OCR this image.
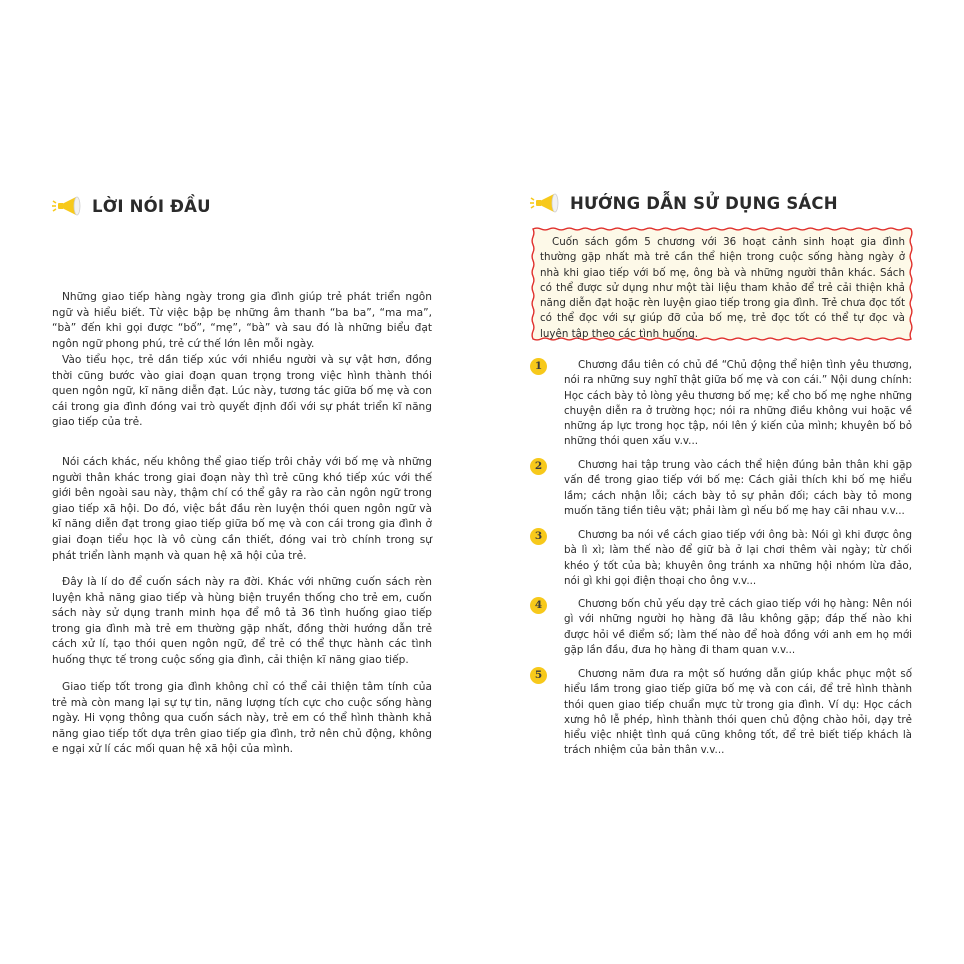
LỜI NÓI ĐẦU

Những giao tiếp hàng ngày trong gia đình giúp trẻ phát triển ngôn ngữ và hiểu biết. Từ việc bập bẹ những âm thanh “ba ba”, “ma ma”, “bà” đến khi gọi được “bố”, “mẹ”, “bà” và sau đó là những biểu đạt ngôn ngữ phong phú, trẻ cứ thế lớn lên mỗi ngày.

Vào tiểu học, trẻ dần tiếp xúc với nhiều người và sự vật hơn, đồng thời cũng bước vào giai đoạn quan trọng trong việc hình thành thói quen ngôn ngữ, kĩ năng diễn đạt. Lúc này, tương tác giữa bố mẹ và con cái trong gia đình đóng vai trò quyết định đối với sự phát triển kĩ năng giao tiếp của trẻ.

Nói cách khác, nếu không thể giao tiếp trôi chảy với bố mẹ và những người thân khác trong giai đoạn này thì trẻ cũng khó tiếp xúc với thế giới bên ngoài sau này, thậm chí có thể gây ra rào cản ngôn ngữ trong giao tiếp xã hội. Do đó, việc bắt đầu rèn luyện thói quen ngôn ngữ và kĩ năng diễn đạt trong giao tiếp giữa bố mẹ và con cái trong gia đình ở giai đoạn tiểu học là vô cùng cần thiết, đóng vai trò chính trong sự phát triển lành mạnh và quan hệ xã hội của trẻ.

Đây là lí do để cuốn sách này ra đời. Khác với những cuốn sách rèn luyện khả năng giao tiếp và hùng biện truyền thống cho trẻ em, cuốn sách này sử dụng tranh minh họa để mô tả 36 tình huống giao tiếp trong gia đình mà trẻ em thường gặp nhất, đồng thời hướng dẫn trẻ cách xử lí, tạo thói quen ngôn ngữ, để trẻ có thể thực hành các tình huống thực tế trong cuộc sống gia đình, cải thiện kĩ năng giao tiếp.

Giao tiếp tốt trong gia đình không chỉ có thể cải thiện tâm tính của trẻ mà còn mang lại sự tự tin, năng lượng tích cực cho cuộc sống hàng ngày. Hi vọng thông qua cuốn sách này, trẻ em có thể hình thành khả năng giao tiếp tốt dựa trên giao tiếp gia đình, trở nên chủ động, không e ngại xử lí các mối quan hệ xã hội của mình.

HƯỚNG DẪN SỬ DỤNG SÁCH

Cuốn sách gồm 5 chương với 36 hoạt cảnh sinh hoạt gia đình thường gặp nhất mà trẻ cần thể hiện trong cuộc sống hàng ngày ở nhà khi giao tiếp với bố mẹ, ông bà và những người thân khác. Sách có thể được sử dụng như một tài liệu tham khảo để trẻ cải thiện khả năng diễn đạt hoặc rèn luyện giao tiếp trong gia đình. Trẻ chưa đọc tốt có thể đọc với sự giúp đỡ của bố mẹ, trẻ đọc tốt có thể tự đọc và luyện tập theo các tình huống.

1	Chương đầu tiên có chủ đề “Chủ động thể hiện tình yêu thương, nói ra những suy nghĩ thật giữa bố mẹ và con cái.” Nội dung chính: Học cách bày tỏ lòng yêu thương bố mẹ; kể cho bố mẹ nghe những chuyện diễn ra ở trường học; nói ra những điều không vui hoặc về những áp lực trong học tập, nói lên ý kiến của mình; khuyên bố bỏ những thói quen xấu v.v...

2	Chương hai tập trung vào cách thể hiện đúng bản thân khi gặp vấn đề trong giao tiếp với bố mẹ: Cách giải thích khi bố mẹ hiểu lầm; cách nhận lỗi; cách bày tỏ sự phản đối; cách bày tỏ mong muốn tăng tiền tiêu vặt; phải làm gì nếu bố mẹ hay cãi nhau v.v...

3	Chương ba nói về cách giao tiếp với ông bà: Nói gì khi được ông bà lì xì; làm thế nào để giữ bà ở lại chơi thêm vài ngày; từ chối khéo ý tốt của bà; khuyên ông tránh xa những hội nhóm lừa đảo, nói gì khi gọi điện thoại cho ông v.v...

4	Chương bốn chủ yếu dạy trẻ cách giao tiếp với họ hàng: Nên nói gì với những người họ hàng đã lâu không gặp; đáp thế nào khi được hỏi về điểm số; làm thế nào để hoà đồng với anh em họ mới gặp lần đầu, đưa họ hàng đi tham quan v.v...

5	Chương năm đưa ra một số hướng dẫn giúp khắc phục một số hiểu lầm trong giao tiếp giữa bố mẹ và con cái, để trẻ hình thành thói quen giao tiếp chuẩn mực từ trong gia đình. Ví dụ: Học cách xưng hô lễ phép, hình thành thói quen chủ động chào hỏi, dạy trẻ hiểu việc nhiệt tình quá cũng không tốt, để trẻ biết tiếp khách là trách nhiệm của bản thân v.v...
